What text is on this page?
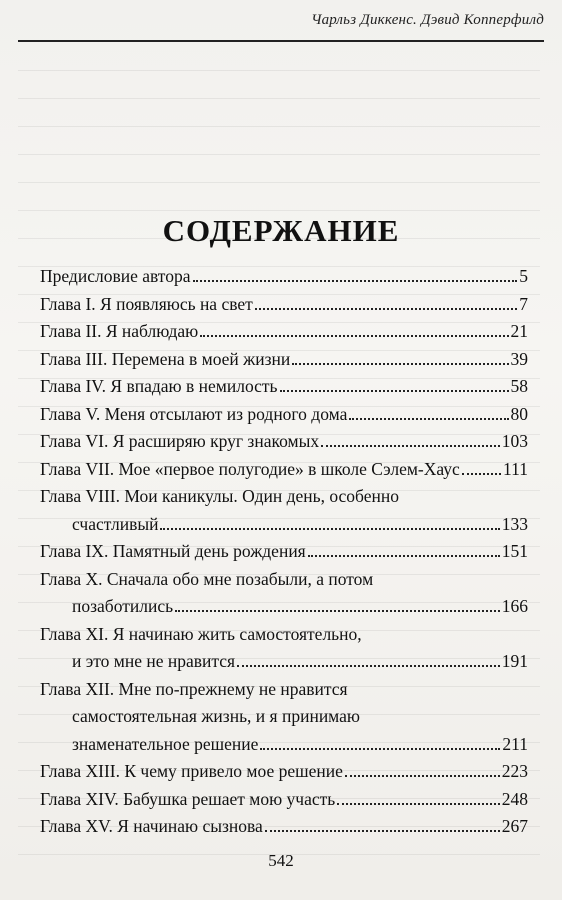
Чарльз Диккенс. Дэвид Копперфилд
СОДЕРЖАНИЕ
Предисловие автора	5
Глава I. Я появляюсь на свет	7
Глава II. Я наблюдаю	21
Глава III. Перемена в моей жизни	39
Глава IV. Я впадаю в немилость	58
Глава V. Меня отсылают из родного дома	80
Глава VI. Я расширяю круг знакомых	103
Глава VII. Мое «первое полугодие» в школе Сэлем-Хаус 111
Глава VIII. Мои каникулы. Один день, особенно
счастливый	133
Глава IX. Памятный день рождения	151
Глава X. Сначала обо мне позабыли, а потом
позаботились	166
Глава XI. Я начинаю жить самостоятельно,
и это мне не нравится	191
Глава XII. Мне по-прежнему не нравится
самостоятельная жизнь, и я принимаю
знаменательное решение	211
Глава XIII. К чему привело мое решение	223
Глава XIV. Бабушка решает мою участь	248
Глава XV. Я начинаю сызнова	267
542
